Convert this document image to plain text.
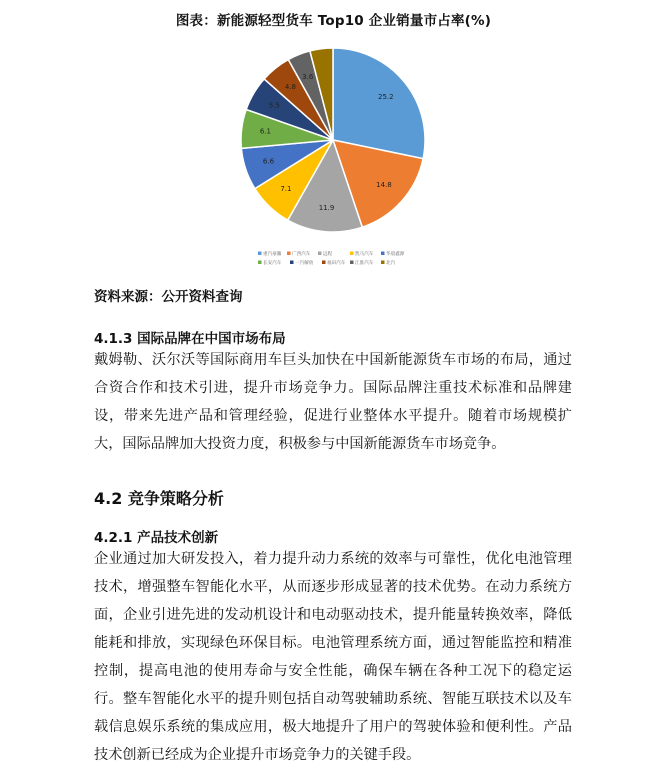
图表：新能源轻型货车 Top10 企业销量市占率(%)
25.2
14.8
11.9
7.1
6.6
6.1
5.5
4.8
3.6
重汽豪瀚 广西汽车	远程	凯马汽车	华晨鑫源
长安汽车	一汽解放	福田汽车 江淮汽车	北汽
资料来源：公开资料查询
4.1.3 国际品牌在中国市场布局

戴姆勒、沃尔沃等国际商用车巨头加快在中国新能源货车市场的布局，通过合资合作和技术引进，提升市场竞争力。国际品牌注重技术标准和品牌建设，带来先进产品和管理经验，促进行业整体水平提升。随着市场规模扩大，国际品牌加大投资力度，积极参与中国新能源货车市场竞争。

4.2 竞争策略分析
4.2.1 产品技术创新

企业通过加大研发投入，着力提升动力系统的效率与可靠性，优化电池管理技术，增强整车智能化水平，从而逐步形成显著的技术优势。在动力系统方面，企业引进先进的发动机设计和电动驱动技术，提升能量转换效率，降低能耗和排放，实现绿色环保目标。电池管理系统方面，通过智能监控和精准控制，提高电池的使用寿命与安全性能，确保车辆在各种工况下的稳定运行。整车智能化水平的提升则包括自动驾驶辅助系统、智能互联技术以及车载信息娱乐系统的集成应用，极大地提升了用户的驾驶体验和便利性。产品技术创新已经成为企业提升市场竞争力的关键手段。
